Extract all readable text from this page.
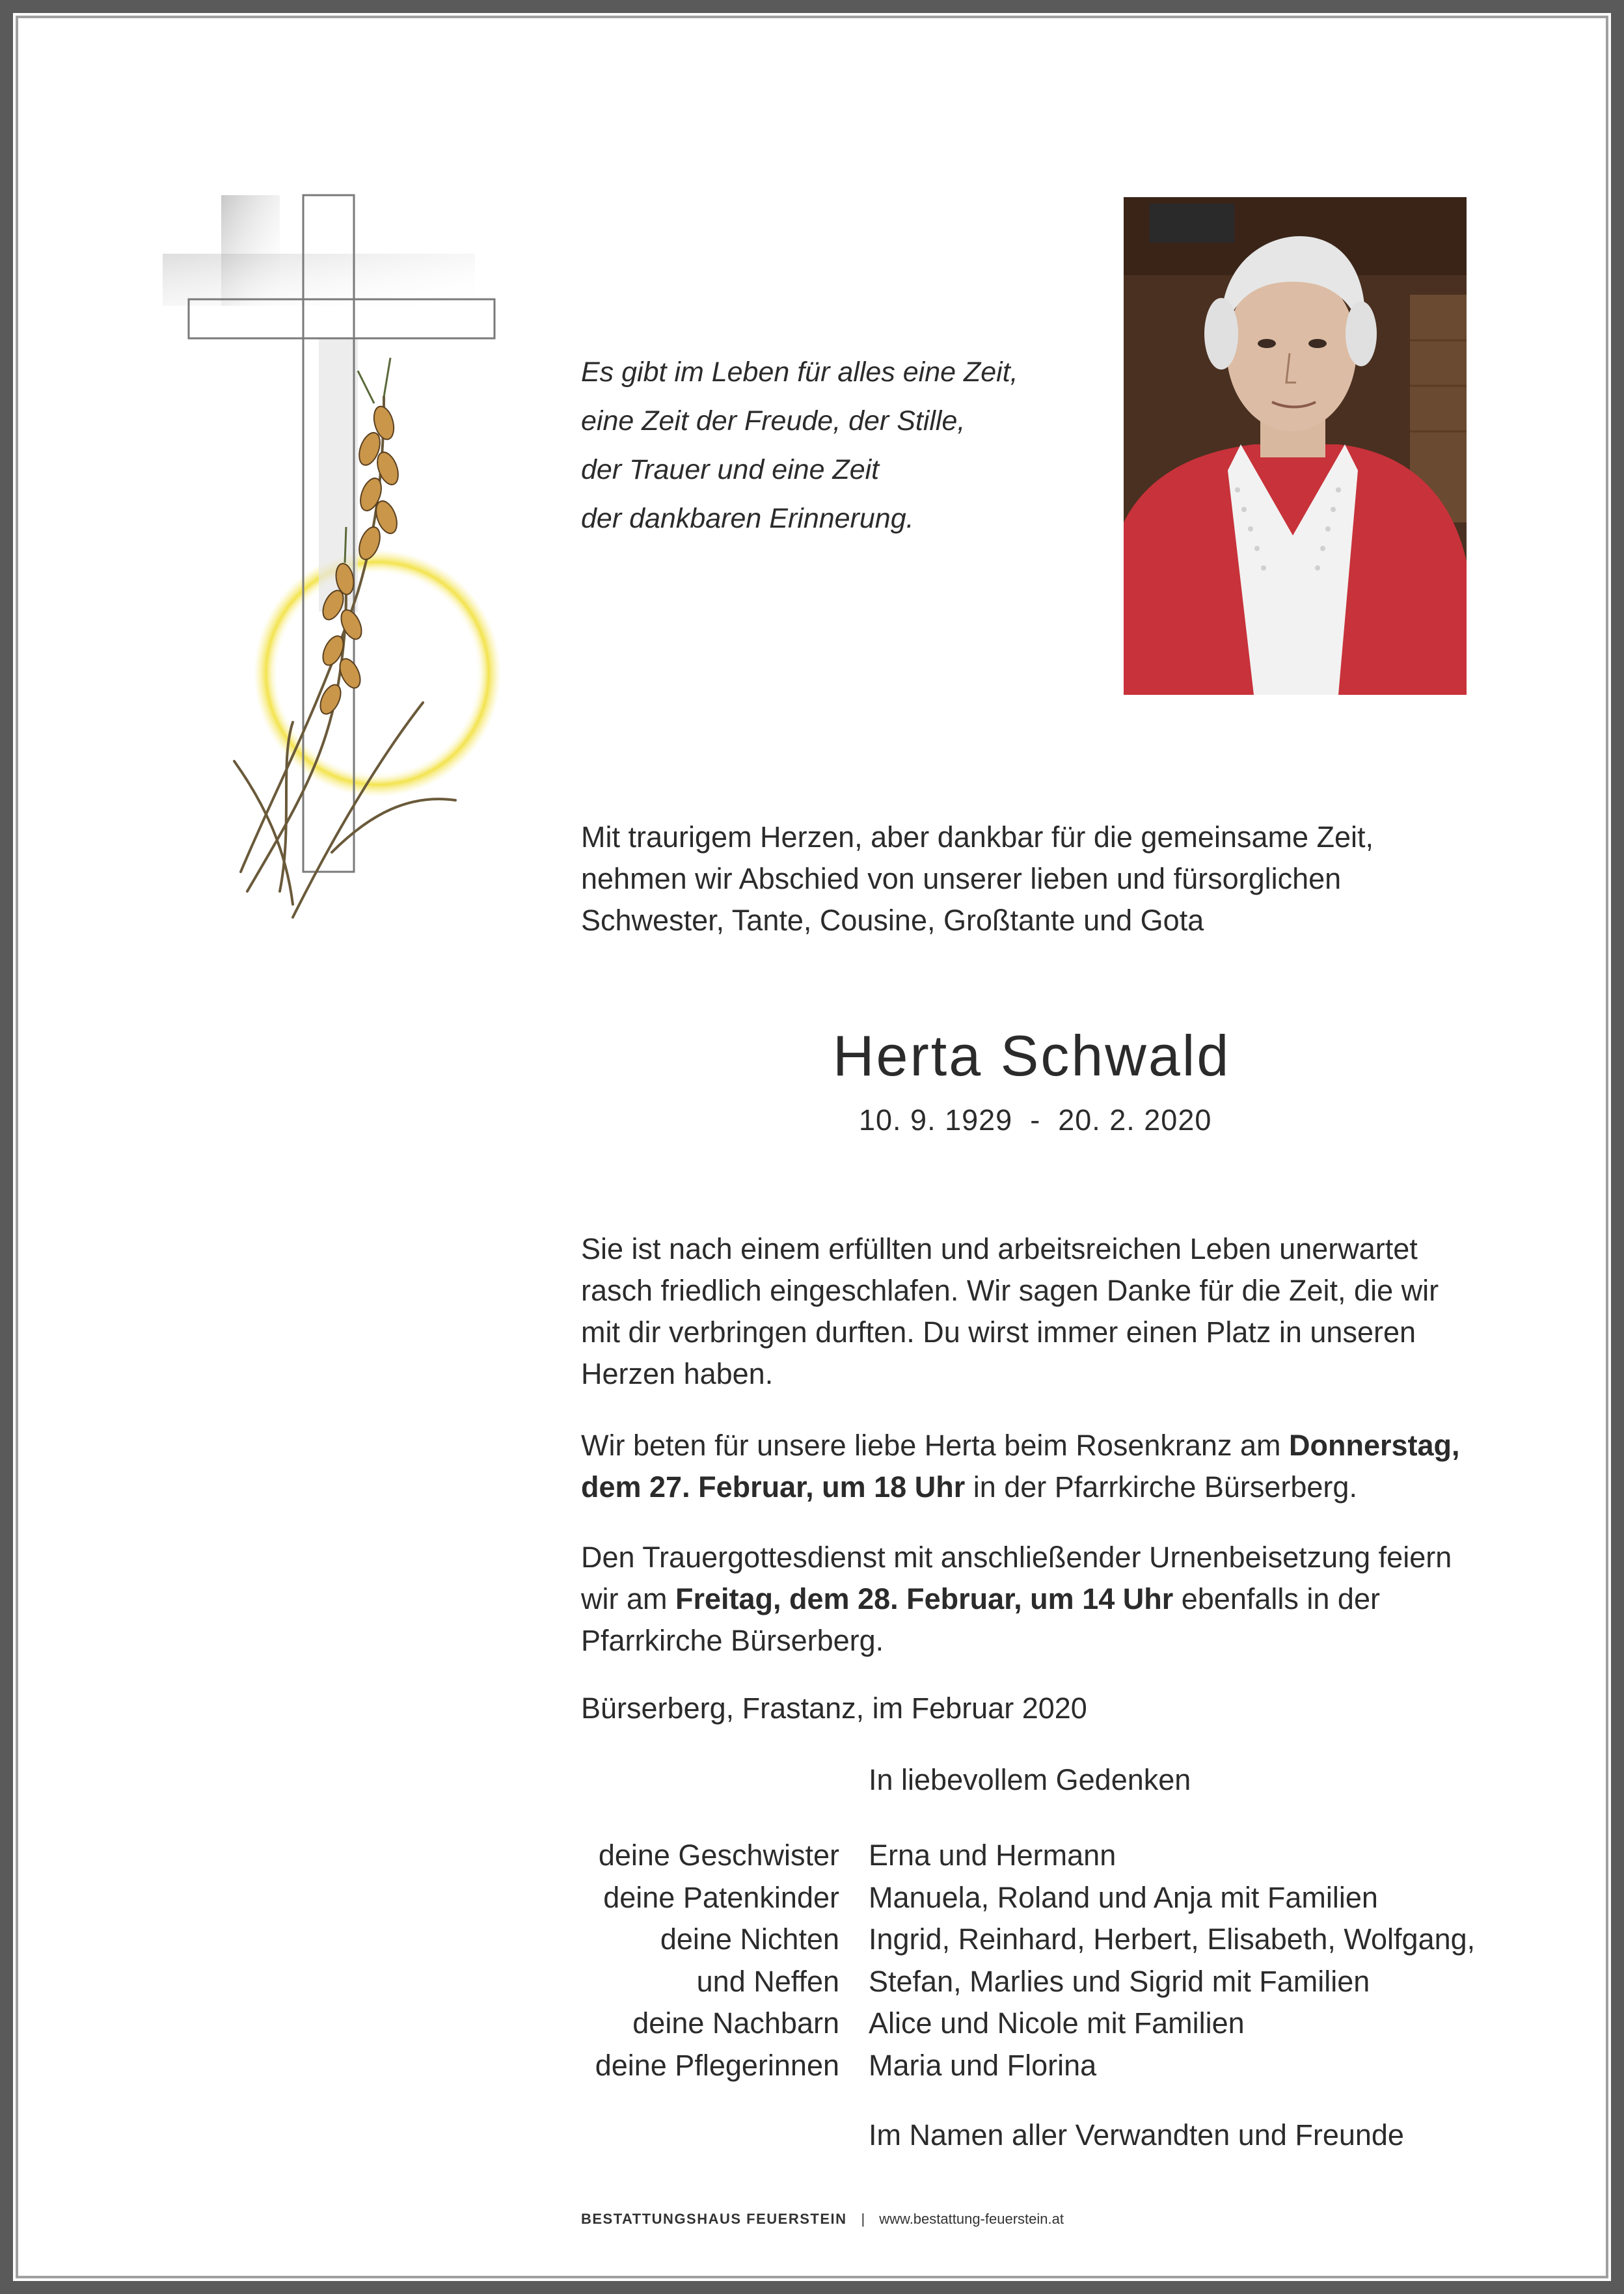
Es gibt im Leben für alles eine Zeit,
eine Zeit der Freude, der Stille,
der Trauer und eine Zeit
der dankbaren Erinnerung.
Mit traurigem Herzen, aber dankbar für die gemeinsame Zeit,
nehmen wir Abschied von unserer lieben und fürsorglichen
Schwester, Tante, Cousine, Großtante und Gota
Herta Schwald
10. 9. 1929  -  20. 2. 2020
Sie ist nach einem erfüllten und arbeitsreichen Leben unerwartet
rasch friedlich eingeschlafen. Wir sagen Danke für die Zeit, die wir
mit dir verbringen durften. Du wirst immer einen Platz in unseren
Herzen haben.
Wir beten für unsere liebe Herta beim Rosenkranz am Donnerstag,
dem 27. Februar, um 18 Uhr in der Pfarrkirche Bürserberg.
Den Trauergottesdienst mit anschließender Urnenbeisetzung feiern
wir am Freitag, dem 28. Februar, um 14 Uhr ebenfalls in der
Pfarrkirche Bürserberg.
Bürserberg, Frastanz, im Februar 2020
In liebevollem Gedenken
deine Geschwister Erna und Hermann
deine Patenkinder Manuela, Roland und Anja mit Familien
deine Nichten Ingrid, Reinhard, Herbert, Elisabeth, Wolfgang,
und Neffen Stefan, Marlies und Sigrid mit Familien
deine Nachbarn Alice und Nicole mit Familien
deine Pflegerinnen Maria und Florina
Im Namen aller Verwandten und Freunde
BESTATTUNGSHAUS FEUERSTEIN | www.bestattung-feuerstein.at
